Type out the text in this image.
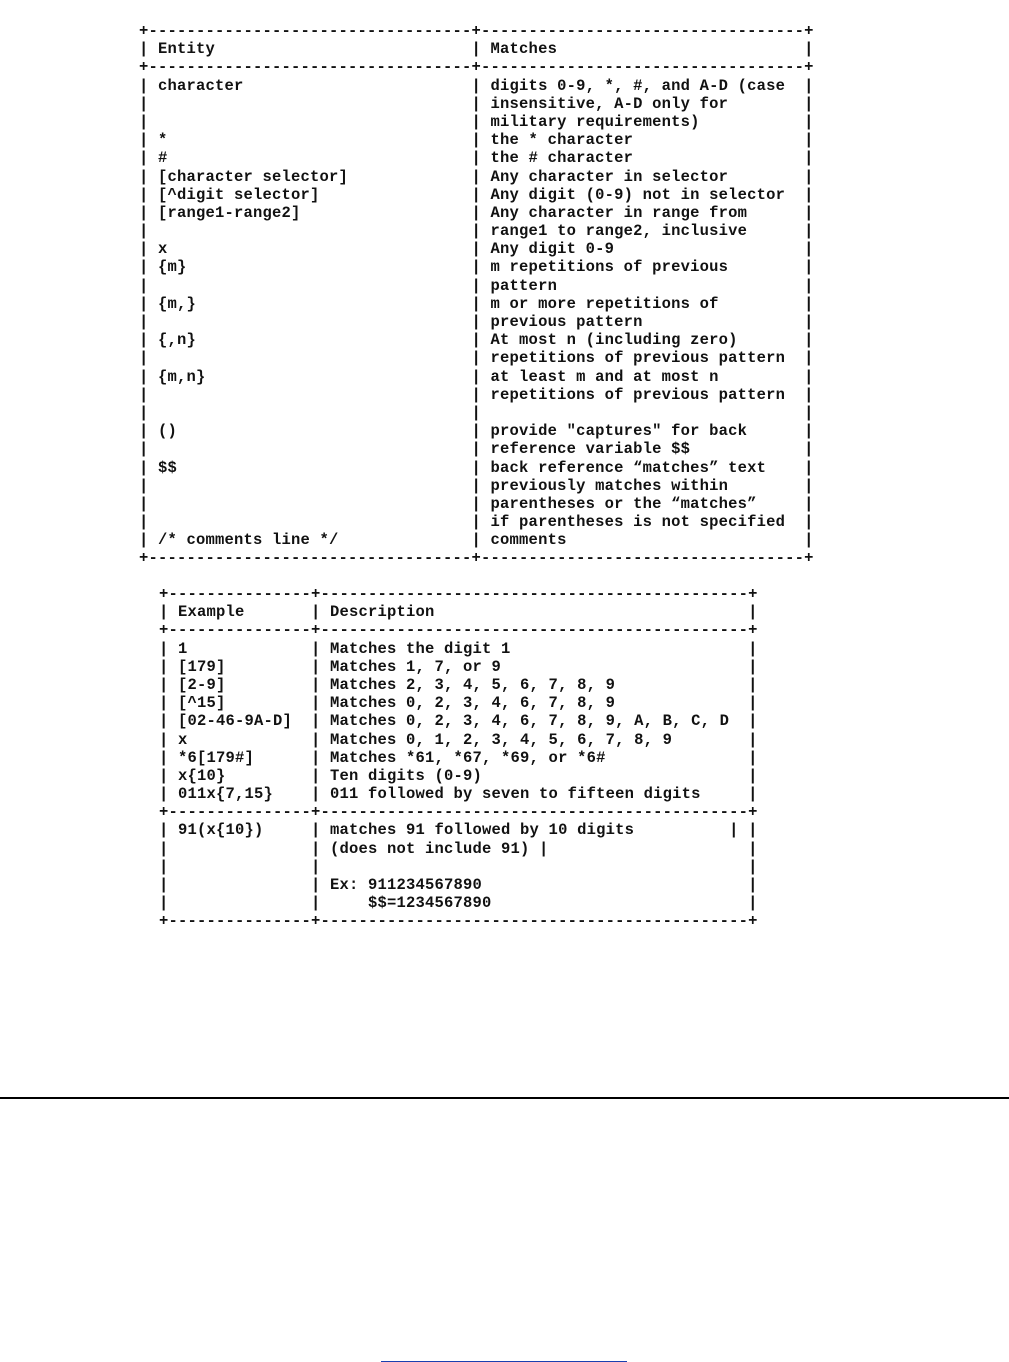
+----------------------------------+----------------------------------+
| Entity                           | Matches                          |
+----------------------------------+----------------------------------+
| character                        | digits 0-9, *, #, and A-D (case  |
|                                  | insensitive, A-D only for        |
|                                  | military requirements)           |
| *                                | the * character                  |
| #                                | the # character                  |
| [character selector]             | Any character in selector        |
| [^digit selector]                | Any digit (0-9) not in selector  |
| [range1-range2]                  | Any character in range from      |
|                                  | range1 to range2, inclusive      |
| x                                | Any digit 0-9                    |
| {m}                              | m repetitions of previous        |
|                                  | pattern                          |
| {m,}                             | m or more repetitions of         |
|                                  | previous pattern                 |
| {,n}                             | At most n (including zero)       |
|                                  | repetitions of previous pattern  |
| {m,n}                            | at least m and at most n         |
|                                  | repetitions of previous pattern  |
|                                  |                                  |
| ()                               | provide "captures" for back      |
|                                  | reference variable $$            |
| $$                               | back reference “matches” text    |
|                                  | previously matches within        |
|                                  | parentheses or the “matches”     |
|                                  | if parentheses is not specified  |
| /* comments line */              | comments                         |
+----------------------------------+----------------------------------+
+---------------+---------------------------------------------+
| Example       | Description                                 |
+---------------+---------------------------------------------+
| 1             | Matches the digit 1                         |
| [179]         | Matches 1, 7, or 9                          |
| [2-9]         | Matches 2, 3, 4, 5, 6, 7, 8, 9              |
| [^15]         | Matches 0, 2, 3, 4, 6, 7, 8, 9              |
| [02-46-9A-D]  | Matches 0, 2, 3, 4, 6, 7, 8, 9, A, B, C, D  |
| x             | Matches 0, 1, 2, 3, 4, 5, 6, 7, 8, 9        |
| *6[179#]      | Matches *61, *67, *69, or *6#               |
| x{10}         | Ten digits (0-9)                            |
| 011x{7,15}    | 011 followed by seven to fifteen digits     |
+---------------+---------------------------------------------+
| 91(x{10})     | matches 91 followed by 10 digits          | |
|               | (does not include 91) |                     |
|               |                                             |
|               | Ex: 911234567890                            |
|               |     $$=1234567890                           |
+---------------+---------------------------------------------+
